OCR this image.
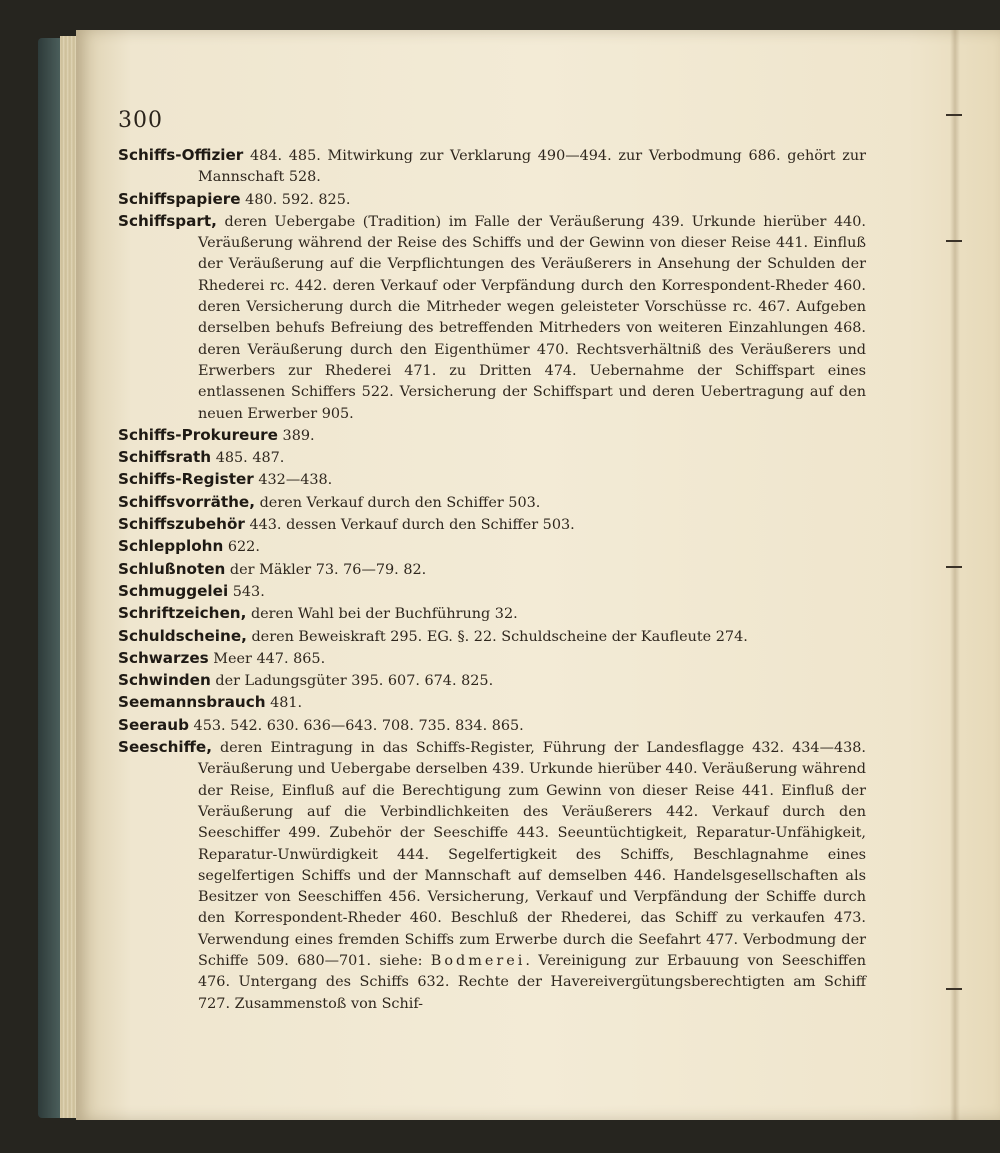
300

Schiffs-Offizier 484. 485. Mitwirkung zur Verklarung 490—494. zur Verbodmung 686. gehört zur Mannschaft 528.

Schiffspapiere 480. 592. 825.

Schiffspart, deren Uebergabe (Tradition) im Falle der Veräußerung 439. Urkunde hierüber 440. Veräußerung während der Reise des Schiffs und der Gewinn von dieser Reise 441. Einfluß der Veräußerung auf die Verpflichtungen des Veräußerers in Ansehung der Schulden der Rhederei rc. 442. deren Verkauf oder Verpfändung durch den Korrespondent-Rheder 460. deren Versicherung durch die Mitrheder wegen geleisteter Vorschüsse rc. 467. Aufgeben derselben behufs Befreiung des betreffenden Mitrheders von weiteren Einzahlungen 468. deren Veräußerung durch den Eigenthümer 470. Rechtsverhältniß des Veräußerers und Erwerbers zur Rhederei 471. zu Dritten 474. Uebernahme der Schiffspart eines entlassenen Schiffers 522. Versicherung der Schiffspart und deren Uebertragung auf den neuen Erwerber 905.

Schiffs-Prokureure 389.

Schiffsrath 485. 487.

Schiffs-Register 432—438.

Schiffsvorräthe, deren Verkauf durch den Schiffer 503.

Schiffszubehör 443. dessen Verkauf durch den Schiffer 503.

Schlepplohn 622.

Schlußnoten der Mäkler 73. 76—79. 82.

Schmuggelei 543.

Schriftzeichen, deren Wahl bei der Buchführung 32.

Schuldscheine, deren Beweiskraft 295. EG. §. 22. Schuldscheine der Kaufleute 274.

Schwarzes Meer 447. 865.

Schwinden der Ladungsgüter 395. 607. 674. 825.

Seemannsbrauch 481.

Seeraub 453. 542. 630. 636—643. 708. 735. 834. 865.

Seeschiffe, deren Eintragung in das Schiffs-Register, Führung der Landesflagge 432. 434—438. Veräußerung und Uebergabe derselben 439. Urkunde hierüber 440. Veräußerung während der Reise, Einfluß auf die Berechtigung zum Gewinn von dieser Reise 441. Einfluß der Veräußerung auf die Verbindlichkeiten des Veräußerers 442. Verkauf durch den Seeschiffer 499. Zubehör der Seeschiffe 443. Seeuntüchtigkeit, Reparatur-Unfähigkeit, Reparatur-Unwürdigkeit 444. Segelfertigkeit des Schiffs, Beschlagnahme eines segelfertigen Schiffs und der Mannschaft auf demselben 446. Handelsgesellschaften als Besitzer von Seeschiffen 456. Versicherung, Verkauf und Verpfändung der Schiffe durch den Korrespondent-Rheder 460. Beschluß der Rhederei, das Schiff zu verkaufen 473. Verwendung eines fremden Schiffs zum Erwerbe durch die Seefahrt 477. Verbodmung der Schiffe 509. 680—701. siehe: Bodmerei. Vereinigung zur Erbauung von Seeschiffen 476. Untergang des Schiffs 632. Rechte der Havereivergütungsberechtigten am Schiff 727. Zusammenstoß von Schif-
